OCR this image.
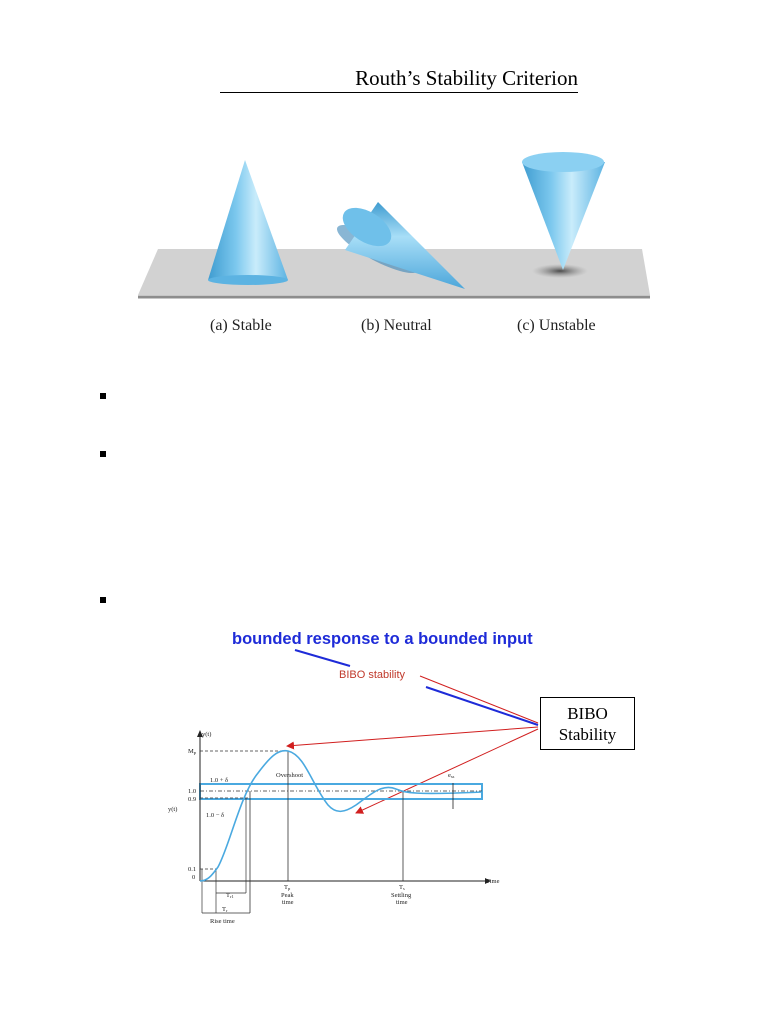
Routh’s Stability Criterion
(a) Stable	(b) Neutral	(c) Unstable
bounded response to a bounded input
BIBO stability
BIBO
Stability
y(t)
Time
$M_P$
1.0 + δ
1.0 − δ
1.0
0.9
0.1
0
y(t)
Overshoot	ess
Tp
Peak
time
Ts
Settling
time
Tr1
Tr
Rise time
